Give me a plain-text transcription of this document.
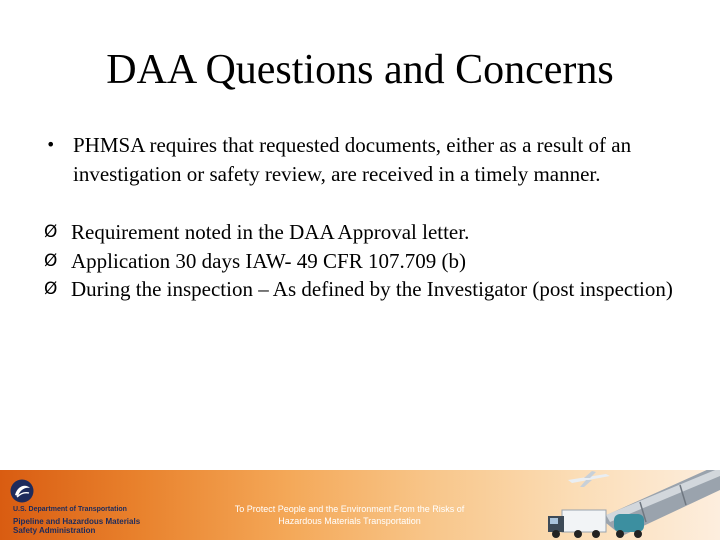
DAA Questions and Concerns
• PHMSA requires that requested documents, either as a result of an investigation or safety review, are received in a timely manner.
Ø Requirement noted in the DAA Approval letter.
Ø Application 30 days IAW- 49 CFR 107.709 (b)
Ø During the inspection – As defined by the Investigator (post inspection)
U.S. Department of Transportation
Pipeline and Hazardous Materials
Safety Administration
To Protect People and the Environment From the Risks of
Hazardous Materials Transportation
